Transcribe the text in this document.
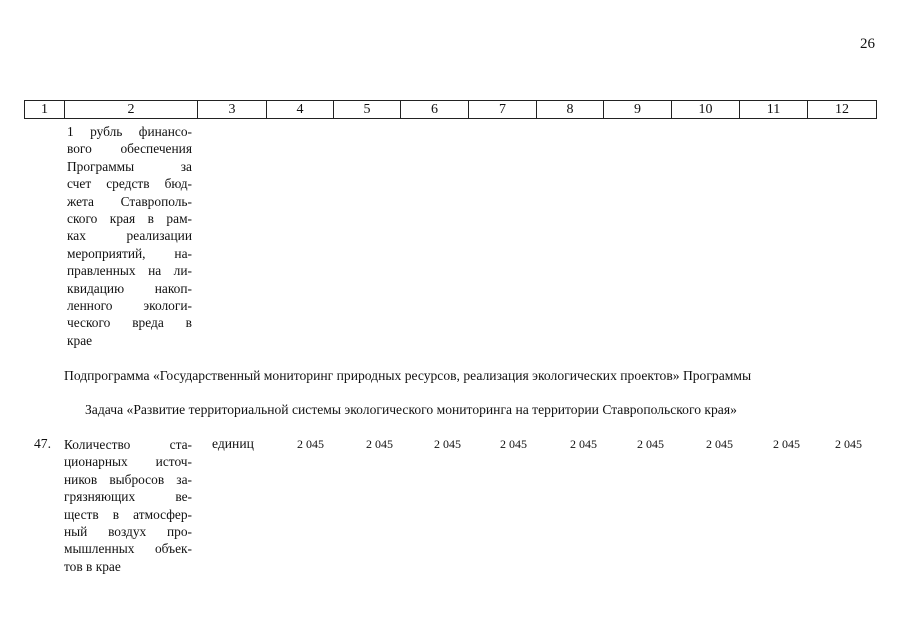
26
1	2	3	4	5	6	7	8	9	10	11	12
1 рубль финансо-
вого обеспечения
Программы за
счет средств бюд-
жета Ставрополь-
ского края в рам-
ках реализации
мероприятий, на-
правленных на ли-
квидацию накоп-
ленного экологи-
ческого вреда в
крае
Подпрограмма «Государственный мониторинг природных ресурсов, реализация экологических проектов» Программы
Задача «Развитие территориальной системы экологического мониторинга на территории Ставропольского края»
47. Количество ста-
ционарных источ-
ников выбросов за-
грязняющих ве-
ществ в атмосфер-
ный воздух про-
мышленных объек-
тов в крае
единиц	2 045	2 045	2 045	2 045	2 045	2 045	2 045	2 045	2 045
